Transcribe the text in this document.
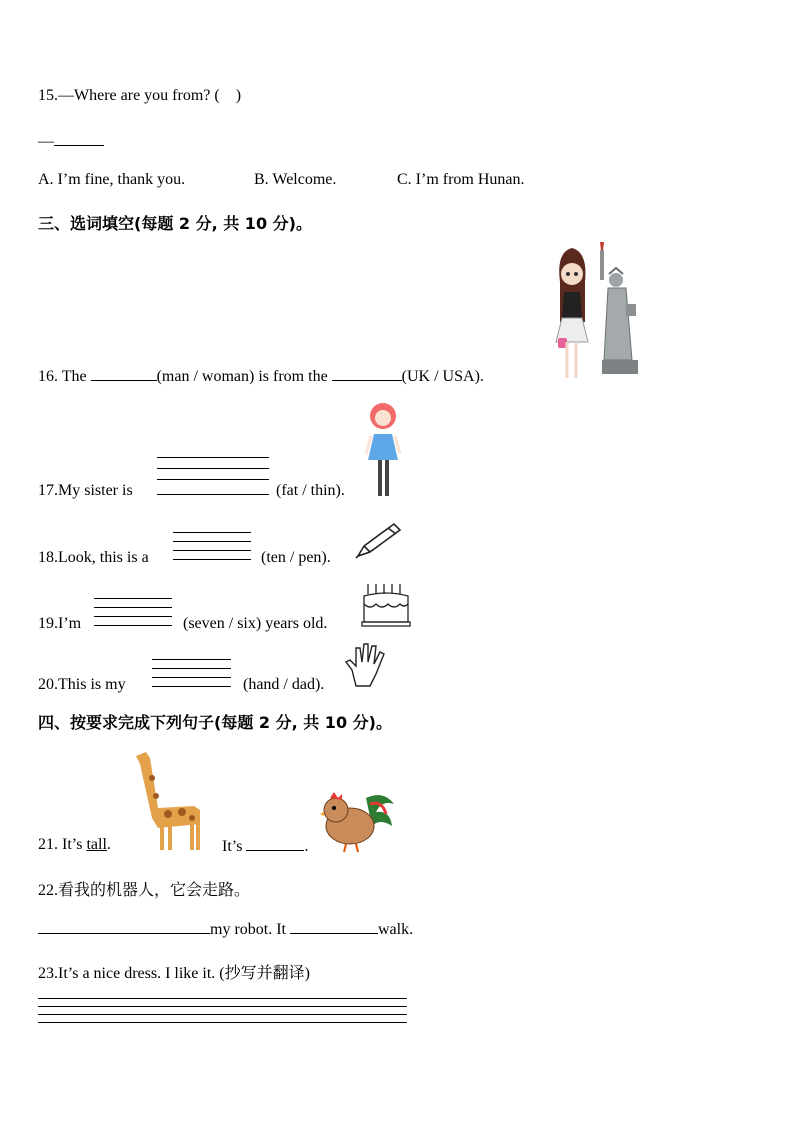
15.—Where are you from? (    )
—
A. I’m fine, thank you.	B. Welcome.	C. I’m from Hunan.
三、选词填空(每题 2 分, 共 10 分)。
16. The	(man / woman) is from the	(UK / USA).
17.My sister is	(fat / thin).
18.Look, this is a	(ten / pen).
19.I’m	(seven / six) years old.
20.This is my	(hand / dad).
四、按要求完成下列句子(每题 2 分, 共 10 分)。
21. It’s tall.	It’s	.
22.看我的机器人，它会走路。
my robot. It	walk.
23.It’s a nice dress. I like it. (抄写并翻译)
